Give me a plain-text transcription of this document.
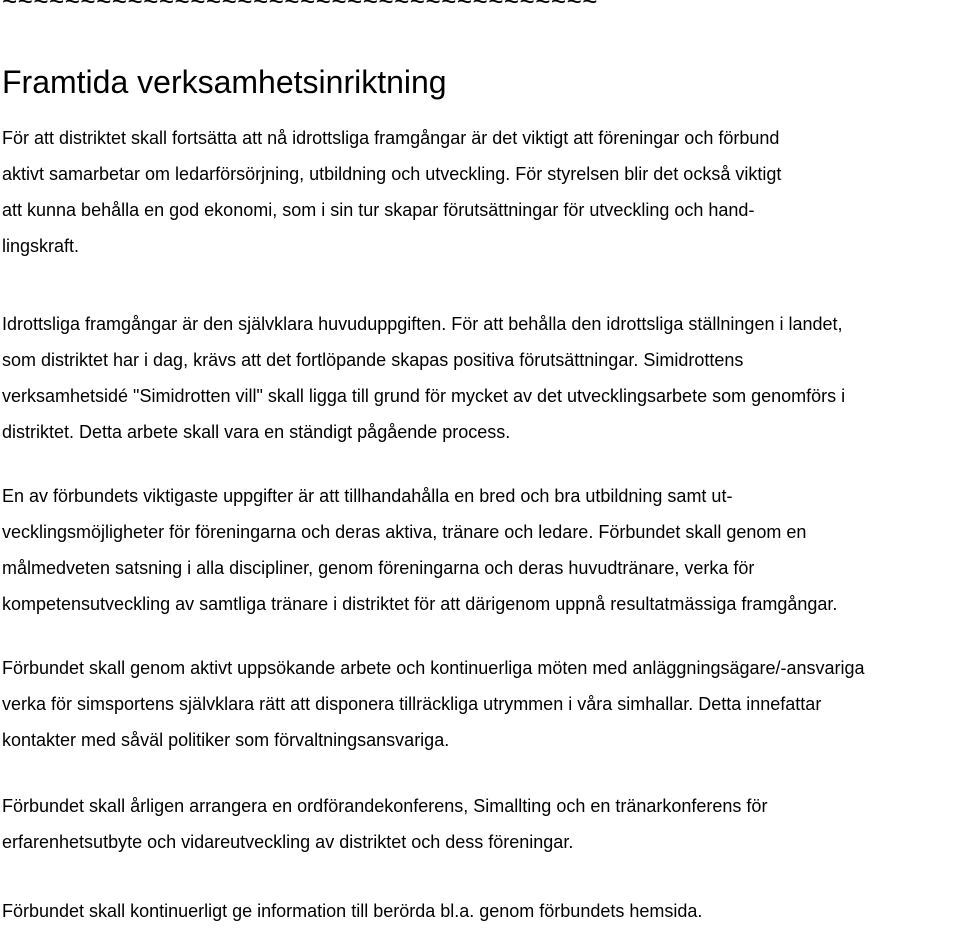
~~~~~~~~~~~~~~~~~~~~~~~~~~~~~~~~~~~~~~
Framtida verksamhetsinriktning

För att distriktet skall fortsätta att nå idrottsliga framgångar är det viktigt att föreningar och förbund
aktivt samarbetar om ledarförsörjning, utbildning och utveckling. För styrelsen blir det också viktigt
att kunna behålla en god ekonomi, som i sin tur skapar förutsättningar för utveckling och hand-
lingskraft.

Idrottsliga framgångar är den självklara huvuduppgiften. För att behålla den idrottsliga ställningen i landet,
som distriktet har i dag, krävs att det fortlöpande skapas positiva förutsättningar. Simidrottens
verksamhetsidé "Simidrotten vill" skall ligga till grund för mycket av det utvecklingsarbete som genomförs i
distriktet. Detta arbete skall vara en ständigt pågående process.

En av förbundets viktigaste uppgifter är att tillhandahålla en bred och bra utbildning samt ut-
vecklingsmöjligheter för föreningarna och deras aktiva, tränare och ledare. Förbundet skall genom en
målmedveten satsning i alla discipliner, genom föreningarna och deras huvudtränare, verka för
kompetensutveckling av samtliga tränare i distriktet för att därigenom uppnå resultatmässiga framgångar.

Förbundet skall genom aktivt uppsökande arbete och kontinuerliga möten med anläggningsägare/-ansvariga
verka för simsportens självklara rätt att disponera tillräckliga utrymmen i våra simhallar. Detta innefattar
kontakter med såväl politiker som förvaltningsansvariga.

Förbundet skall årligen arrangera en ordförandekonferens, Simallting och en tränarkonferens för
erfarenhetsutbyte och vidareutveckling av distriktet och dess föreningar.

Förbundet skall kontinuerligt ge information till berörda bl.a. genom förbundets hemsida.
